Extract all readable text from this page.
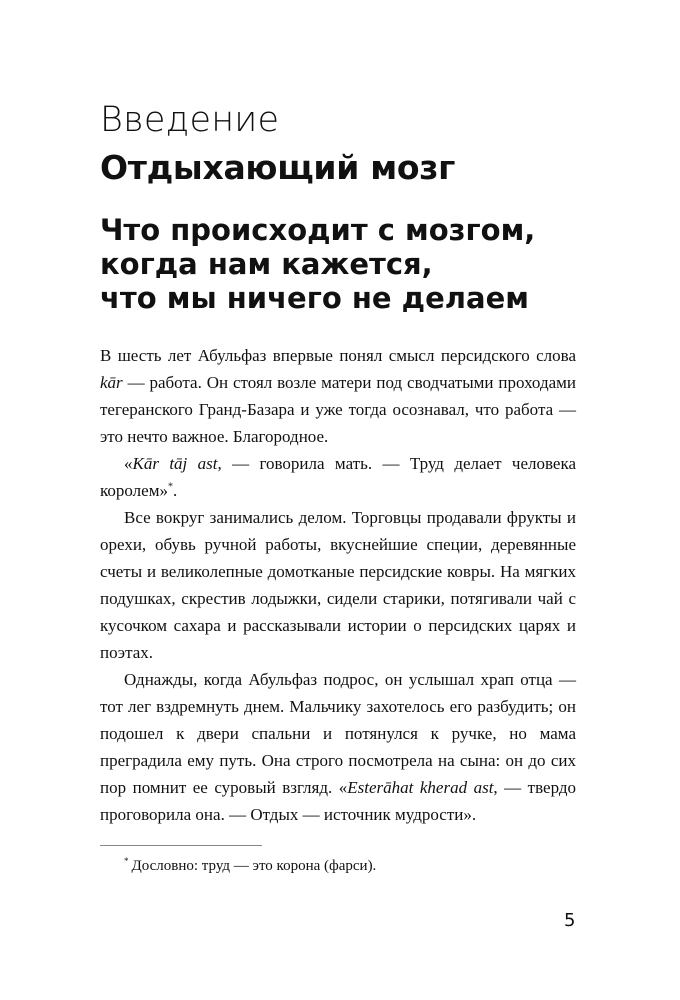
Введение
Отдыхающий мозг
Что происходит с мозгом,
когда нам кажется,
что мы ничего не делаем

В шесть лет Абульфаз впервые понял смысл персидского слова kār — работа. Он стоял возле матери под сводчатыми проходами тегеранского Гранд-Базара и уже тогда осознавал, что работа — это нечто важное. Благородное.

«Kār tāj ast, — говорила мать. — Труд делает человека королем»*.

Все вокруг занимались делом. Торговцы продавали фрукты и орехи, обувь ручной работы, вкуснейшие специи, деревянные счеты и великолепные домотканые персидские ковры. На мягких подушках, скрестив лодыжки, сидели старики, потягивали чай с кусочком сахара и рассказывали истории о персидских царях и поэтах.

Однажды, когда Абульфаз подрос, он услышал храп отца — тот лег вздремнуть днем. Мальчику захотелось его разбудить; он подошел к двери спальни и потянулся к ручке, но мама преградила ему путь. Она строго посмотрела на сына: он до сих пор помнит ее суровый взгляд. «Esterāhat kherad ast, — твердо проговорила она. — Отдых — источник мудрости».

* Дословно: труд — это корона (фарси).
5
